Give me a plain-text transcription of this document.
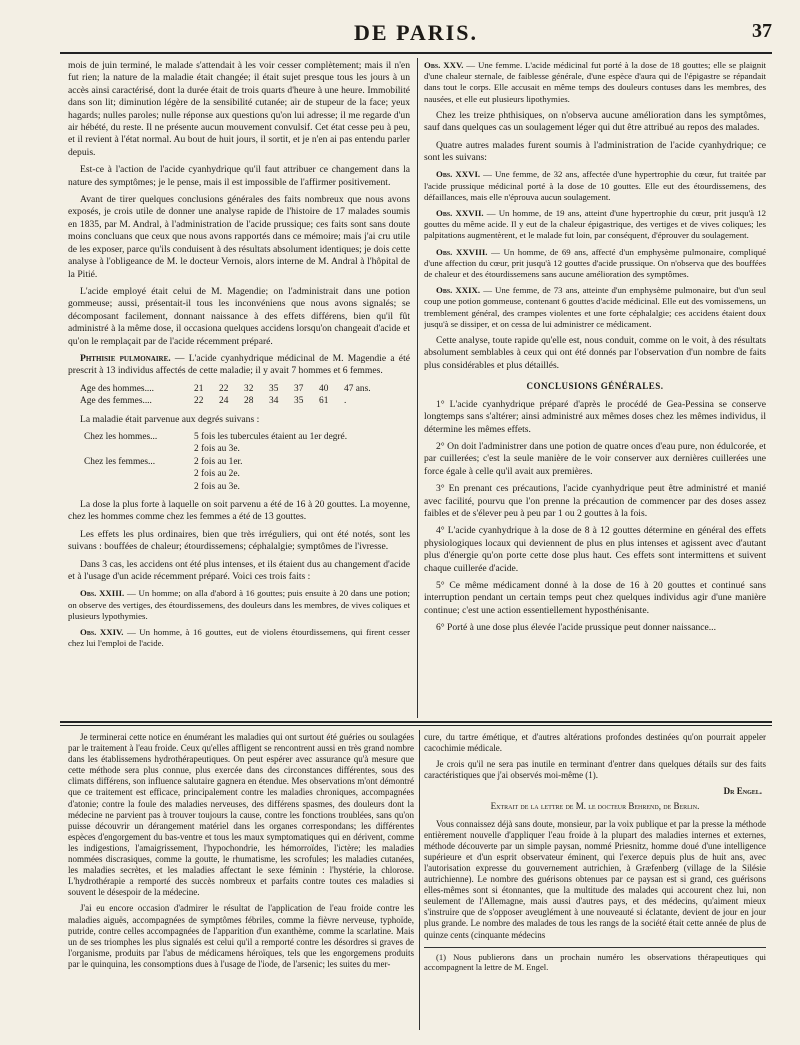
DE PARIS.	37

mois de juin terminé, le malade s'attendait à les voir cesser complètement; mais il n'en fut rien; la nature de la maladie était changée; il était sujet presque tous les jours à un accès ainsi caractérisé, dont la durée était de trois quarts d'heure à une heure. Immobilité dans son lit; diminution légère de la sensibilité cutanée; air de stupeur de la face; yeux hagards; nulles paroles; nulle réponse aux questions qu'on lui adresse; il me regarde d'un air hébété, du reste. Il ne présente aucun mouvement convulsif. Cet état cesse peu à peu, et il revient à l'état normal. Au bout de huit jours, il sortit, et je n'en ai pas entendu parler depuis.

Est-ce à l'action de l'acide cyanhydrique qu'il faut attribuer ce changement dans la nature des symptômes; je le pense, mais il est impossible de l'affirmer positivement.

Avant de tirer quelques conclusions générales des faits nombreux que nous avons exposés, je crois utile de donner une analyse rapide de l'histoire de 17 malades soumis en 1835, par M. Andral, à l'administration de l'acide prussique; ces faits sont sans doute moins concluans que ceux que nous avons rapportés dans ce mémoire; mais j'ai cru utile de les exposer, parce qu'ils conduisent à des résultats absolument identiques; je dois cette analyse à l'obligeance de M. le docteur Vernois, alors interne de M. Andral à l'hôpital de la Pitié.

L'acide employé était celui de M. Magendie; on l'administrait dans une potion gommeuse; aussi, présentait-il tous les inconvéniens que nous avons signalés; se décomposant facilement, donnant naissance à des effets différens, bien qu'il fût administré à la même dose, il occasiona quelques accidens lorsqu'on changeait d'acide et qu'on le remplaçait par de l'acide récemment préparé.

Phthisie pulmonaire. — L'acide cyanhydrique médicinal de M. Magendie a été prescrit à 13 individus affectés de cette maladie; il y avait 7 hommes et 6 femmes.

Age des hommes....	21 22 32 35 37 40 47 ans.
Age des femmes....	22 24 28 34 35 61 .

La maladie était parvenue aux degrés suivans :

Chez les hommes...	5 fois les tubercules étaient au 1er degré.
2 fois au 3e.
Chez les femmes...	2 fois au 1er.
2 fois au 2e.
2 fois au 3e.

La dose la plus forte à laquelle on soit parvenu a été de 16 à 20 gouttes. La moyenne, chez les hommes comme chez les femmes a été de 13 gouttes.

Les effets les plus ordinaires, bien que très irréguliers, qui ont été notés, sont les suivans : bouffées de chaleur; étourdissemens; céphalalgie; symptômes de l'ivresse.

Dans 3 cas, les accidens ont été plus intenses, et ils étaient dus au changement d'acide et à l'usage d'un acide récemment préparé. Voici ces trois faits :

Obs. XXIII. — Un homme; on alla d'abord à 16 gouttes; puis ensuite à 20 dans une potion; on observe des vertiges, des étourdissemens, des douleurs dans les membres, de vives coliques et plusieurs lypothymies.

Obs. XXIV. — Un homme, à 16 gouttes, eut de violens étourdissemens, qui firent cesser chez lui l'emploi de l'acide.

Obs. XXV. — Une femme. L'acide médicinal fut porté à la dose de 18 gouttes; elle se plaignit d'une chaleur sternale, de faiblesse générale, d'une espèce d'aura qui de l'épigastre se répandait dans tout le corps. Elle accusait en même temps des douleurs contuses dans les membres, des nausées, et elle eut plusieurs lipothymies.

Chez les treize phthisiques, on n'observa aucune amélioration dans les symptômes, sauf dans quelques cas un soulagement léger qui dut être attribué au repos des malades.

Quatre autres malades furent soumis à l'administration de l'acide cyanhydrique; ce sont les suivans:

Obs. XXVI. — Une femme, de 32 ans, affectée d'une hypertrophie du cœur, fut traitée par l'acide prussique médicinal porté à la dose de 10 gouttes. Elle eut des étourdissemens, des défaillances, mais elle n'éprouva aucun soulagement.

Obs. XXVII. — Un homme, de 19 ans, atteint d'une hypertrophie du cœur, prit jusqu'à 12 gouttes du même acide. Il y eut de la chaleur épigastrique, des vertiges et de vives coliques; les palpitations augmentèrent, et le malade fut loin, par conséquent, d'éprouver du soulagement.

Obs. XXVIII. — Un homme, de 69 ans, affecté d'un emphysème pulmonaire, compliqué d'une affection du cœur, prit jusqu'à 12 gouttes d'acide prussique. On n'observa que des bouffées de chaleur et des étourdissemens sans aucune amélioration des symptômes.

Obs. XXIX. — Une femme, de 73 ans, atteinte d'un emphysème pulmonaire, but d'un seul coup une potion gommeuse, contenant 6 gouttes d'acide médicinal. Elle eut des vomissemens, un tremblement général, des crampes violentes et une forte céphalalgie; ces accidens étaient doux jusqu'à se dissiper, et on cessa de lui administrer ce médicament.

Cette analyse, toute rapide qu'elle est, nous conduit, comme on le voit, à des résultats absolument semblables à ceux qui ont été donnés par l'observation d'un nombre de faits plus considérables et plus détaillés.

CONCLUSIONS GÉNÉRALES.

1° L'acide cyanhydrique préparé d'après le procédé de Gea-Pessina se conserve longtemps sans s'altérer; ainsi administré aux mêmes doses chez les mêmes individus, il détermine les mêmes effets.

2° On doit l'administrer dans une potion de quatre onces d'eau pure, non édulcorée, et par cuillerées; c'est la seule manière de le voir conserver aux dernières cuillerées une force égale à celle qu'il avait aux premières.

3° En prenant ces précautions, l'acide cyanhydrique peut être administré et manié avec facilité, pourvu que l'on prenne la précaution de commencer par des doses assez faibles et de s'élever peu à peu par 1 ou 2 gouttes à la fois.

4° L'acide cyanhydrique à la dose de 8 à 12 gouttes détermine en général des effets physiologiques locaux qui deviennent de plus en plus intenses et agissent avec d'autant plus d'énergie qu'on porte cette dose plus haut. Ces effets sont intermittens et suivent chaque cuillerée d'acide.

5° Ce même médicament donné à la dose de 16 à 20 gouttes et continué sans interruption pendant un certain temps peut chez quelques individus agir d'une manière continue; c'est une action essentiellement hyposthénisante.

6° Porté à une dose plus élevée l'acide prussique peut donner naissance...

Je terminerai cette notice en énumérant les maladies qui ont surtout été guéries ou soulagées par le traitement à l'eau froide. Ceux qu'elles affligent se rencontrent aussi en très grand nombre dans les établissemens hydrothérapeutiques. On peut espérer avec assurance qu'à mesure que cette méthode sera plus connue, plus exercée dans des circonstances différentes, sous des climats différens, son influence salutaire gagnera en étendue. Mes observations m'ont démontré que ce traitement est efficace, principalement contre les maladies chroniques, accompagnées d'atonie; contre la foule des maladies nerveuses, des différens spasmes, des douleurs dont la médecine ne parvient pas à trouver toujours la cause, contre les fonctions troublées, sans qu'on puisse découvrir un dérangement matériel dans les organes correspondans; les différentes espèces d'engorgement du bas-ventre et tous les maux symptomatiques qui en dérivent, comme les indigestions, l'amaigrissement, l'hypochondrie, les hémorroïdes, l'ictère; les maladies nommées discrasiques, comme la goutte, le rhumatisme, les scrofules; les maladies cutanées, les maladies secrètes, et les maladies affectant le sexe féminin : l'hystérie, la chlorose. L'hydrothérapie a remporté des succès nombreux et parfaits contre toutes ces maladies si souvent le désespoir de la médecine.

J'ai eu encore occasion d'admirer le résultat de l'application de l'eau froide contre les maladies aiguës, accompagnées de symptômes fébriles, comme la fièvre nerveuse, typhoïde, putride, contre celles accompagnées de l'apparition d'un exanthème, comme la scarlatine. Mais un de ses triomphes les plus signalés est celui qu'il a remporté contre les désordres si graves de l'organisme, produits par l'abus de médicamens héroïques, tels que les engorgemens produits par le quinquina, les consomptions dues à l'usage de l'iode, de l'arsenic; les suites du mer-

cure, du tartre émétique, et d'autres altérations profondes destinées qu'on pourrait appeler cacochimie médicale.

Je crois qu'il ne sera pas inutile en terminant d'entrer dans quelques détails sur des faits caractéristiques que j'ai observés moi-même (1).

Dr Engel.
Extrait de la lettre de M. le docteur Behrend, de Berlin.

Vous connaissez déjà sans doute, monsieur, par la voix publique et par la presse la méthode entièrement nouvelle d'appliquer l'eau froide à la plupart des maladies internes et externes, méthode découverte par un simple paysan, nommé Priesnitz, homme doué d'une intelligence supérieure et d'un esprit observateur éminent, qui l'exerce depuis plus de huit ans, avec l'autorisation expresse du gouvernement autrichien, à Græfenberg (village de la Silésie autrichienne). Le nombre des guérisons obtenues par ce paysan est si grand, ces guérisons elles-mêmes sont si étonnantes, que la multitude des malades qui accourent chez lui, non seulement de l'Allemagne, mais aussi d'autres pays, et des médecins, qu'aiment mieux s'instruire que de s'opposer aveuglément à une nouveauté si éclatante, devient de jour en jour plus grande. Le nombre des malades de tous les rangs de la société était cette année de plus de quinze cents (cinquante médecins

(1) Nous publierons dans un prochain numéro les observations thérapeutiques qui accompagnent la lettre de M. Engel.
